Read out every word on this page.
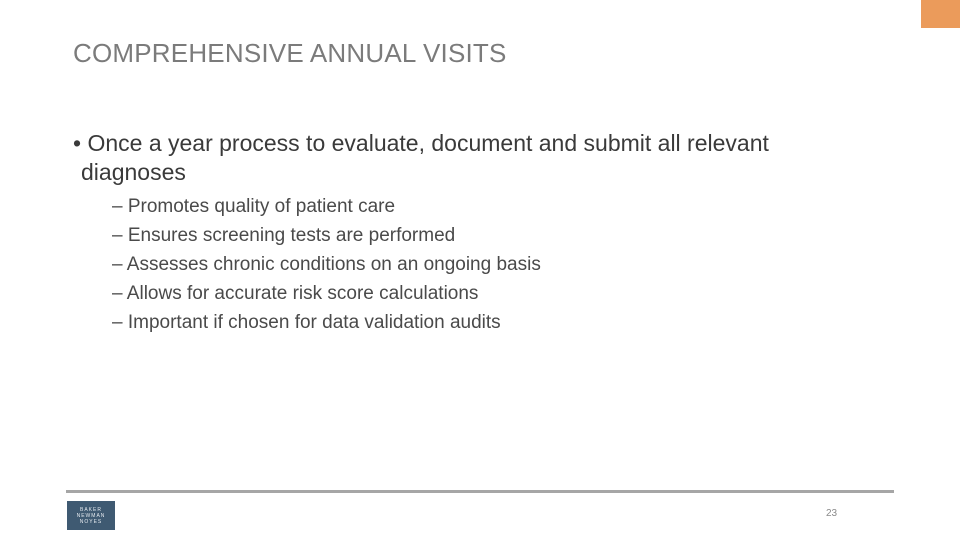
COMPREHENSIVE ANNUAL VISITS
• Once a year process to evaluate, document and submit all relevant
diagnoses
– Promotes quality of patient care
– Ensures screening tests are performed
– Assesses chronic conditions on an ongoing basis
– Allows for accurate risk score calculations
– Important if chosen for data validation audits
BAKER
NEWMAN
NOYES
23
